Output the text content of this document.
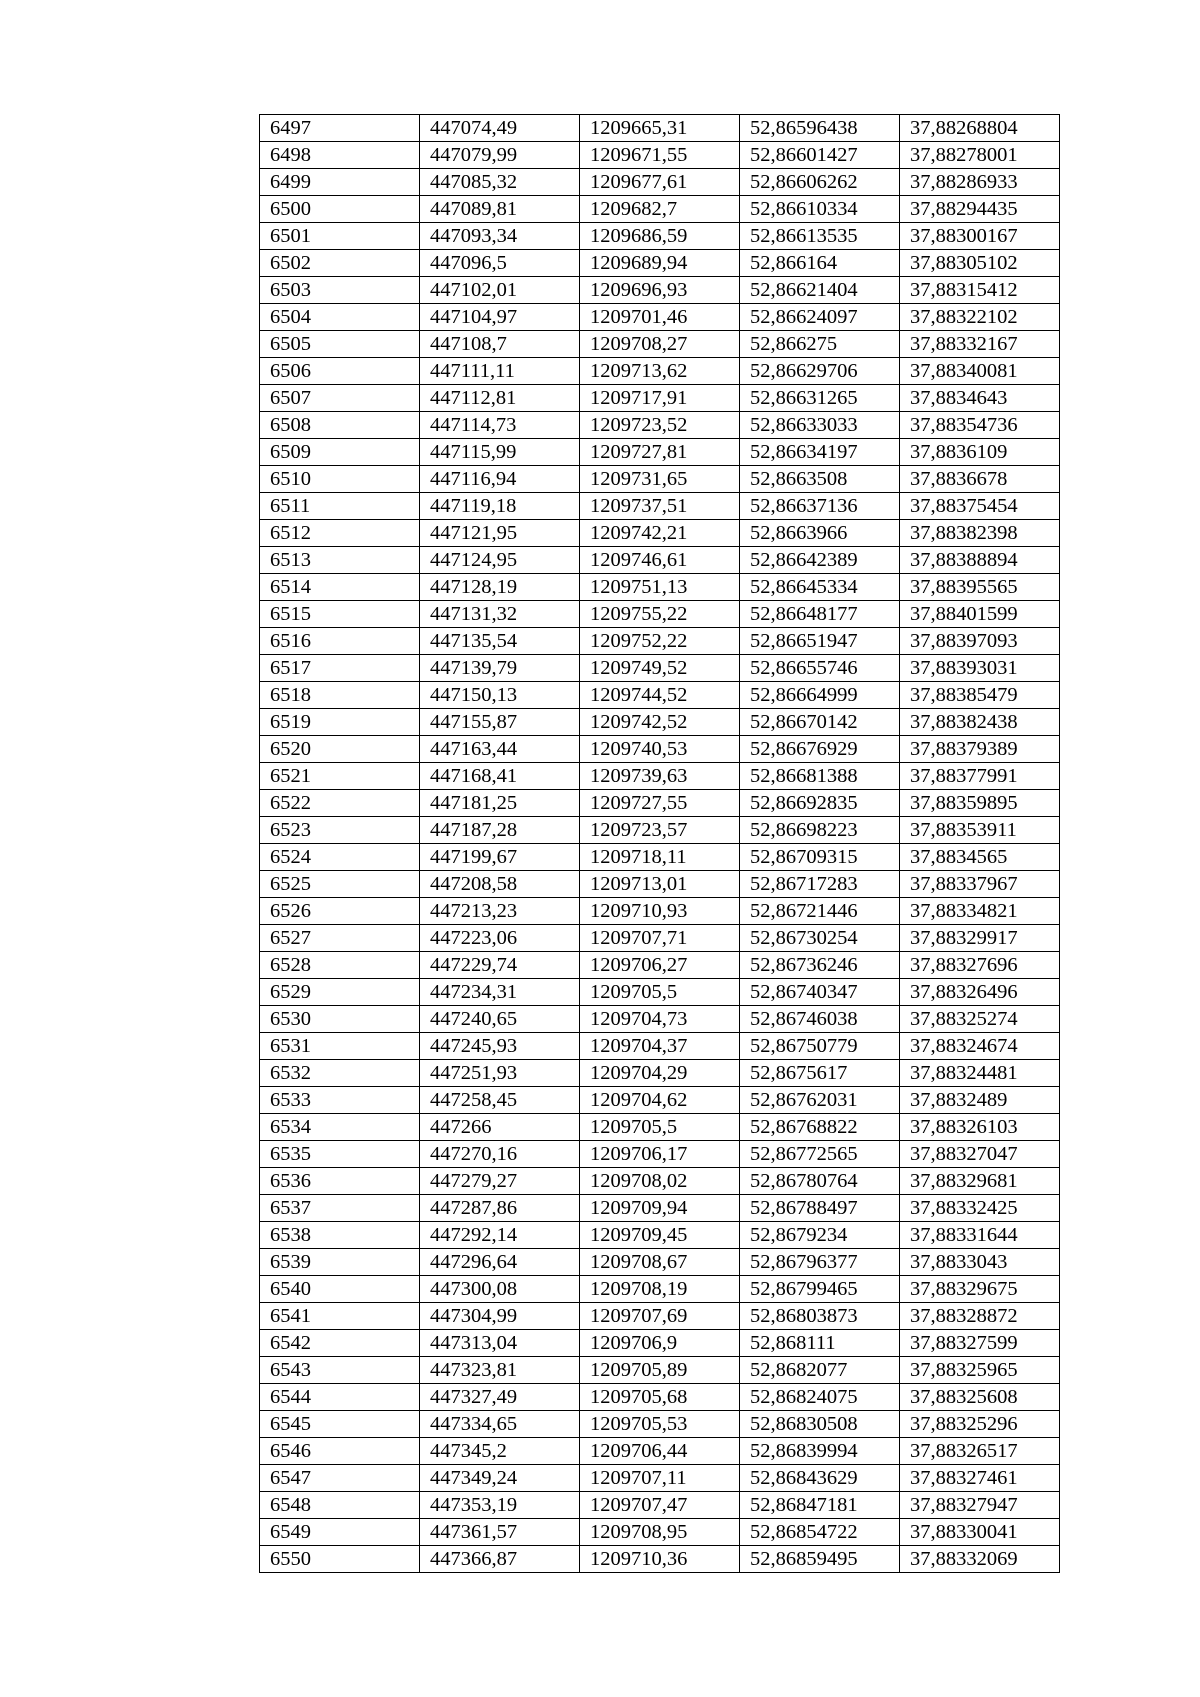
6497	447074,49	1209665,31	52,86596438	37,88268804
6498	447079,99	1209671,55	52,86601427	37,88278001
6499	447085,32	1209677,61	52,86606262	37,88286933
6500	447089,81	1209682,7	52,86610334	37,88294435
6501	447093,34	1209686,59	52,86613535	37,88300167
6502	447096,5	1209689,94	52,866164	37,88305102
6503	447102,01	1209696,93	52,86621404	37,88315412
6504	447104,97	1209701,46	52,86624097	37,88322102
6505	447108,7	1209708,27	52,866275	37,88332167
6506	447111,11	1209713,62	52,86629706	37,88340081
6507	447112,81	1209717,91	52,86631265	37,8834643
6508	447114,73	1209723,52	52,86633033	37,88354736
6509	447115,99	1209727,81	52,86634197	37,8836109
6510	447116,94	1209731,65	52,8663508	37,8836678
6511	447119,18	1209737,51	52,86637136	37,88375454
6512	447121,95	1209742,21	52,8663966	37,88382398
6513	447124,95	1209746,61	52,86642389	37,88388894
6514	447128,19	1209751,13	52,86645334	37,88395565
6515	447131,32	1209755,22	52,86648177	37,88401599
6516	447135,54	1209752,22	52,86651947	37,88397093
6517	447139,79	1209749,52	52,86655746	37,88393031
6518	447150,13	1209744,52	52,86664999	37,88385479
6519	447155,87	1209742,52	52,86670142	37,88382438
6520	447163,44	1209740,53	52,86676929	37,88379389
6521	447168,41	1209739,63	52,86681388	37,88377991
6522	447181,25	1209727,55	52,86692835	37,88359895
6523	447187,28	1209723,57	52,86698223	37,88353911
6524	447199,67	1209718,11	52,86709315	37,8834565
6525	447208,58	1209713,01	52,86717283	37,88337967
6526	447213,23	1209710,93	52,86721446	37,88334821
6527	447223,06	1209707,71	52,86730254	37,88329917
6528	447229,74	1209706,27	52,86736246	37,88327696
6529	447234,31	1209705,5	52,86740347	37,88326496
6530	447240,65	1209704,73	52,86746038	37,88325274
6531	447245,93	1209704,37	52,86750779	37,88324674
6532	447251,93	1209704,29	52,8675617	37,88324481
6533	447258,45	1209704,62	52,86762031	37,8832489
6534	447266	1209705,5	52,86768822	37,88326103
6535	447270,16	1209706,17	52,86772565	37,88327047
6536	447279,27	1209708,02	52,86780764	37,88329681
6537	447287,86	1209709,94	52,86788497	37,88332425
6538	447292,14	1209709,45	52,8679234	37,88331644
6539	447296,64	1209708,67	52,86796377	37,8833043
6540	447300,08	1209708,19	52,86799465	37,88329675
6541	447304,99	1209707,69	52,86803873	37,88328872
6542	447313,04	1209706,9	52,868111	37,88327599
6543	447323,81	1209705,89	52,8682077	37,88325965
6544	447327,49	1209705,68	52,86824075	37,88325608
6545	447334,65	1209705,53	52,86830508	37,88325296
6546	447345,2	1209706,44	52,86839994	37,88326517
6547	447349,24	1209707,11	52,86843629	37,88327461
6548	447353,19	1209707,47	52,86847181	37,88327947
6549	447361,57	1209708,95	52,86854722	37,88330041
6550	447366,87	1209710,36	52,86859495	37,88332069
